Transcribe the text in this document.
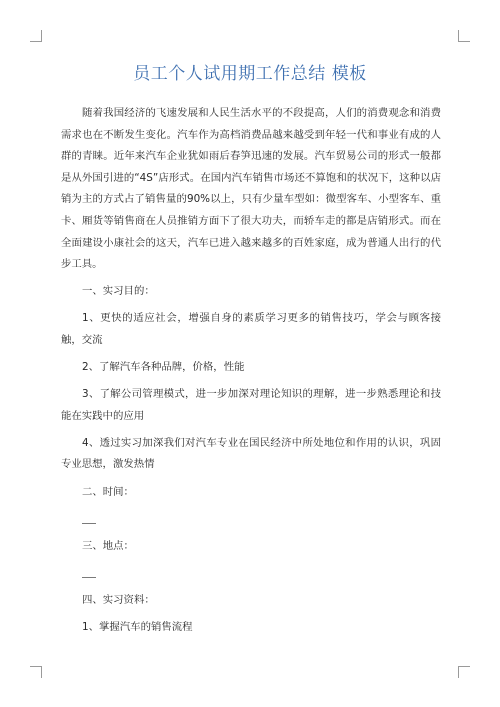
员工个人试用期工作总结 模板

随着我国经济的飞速发展和人民生活水平的不段提高，人们的消费观念和消费需求也在不断发生变化。汽车作为高档消费品越来越受到年轻一代和事业有成的人群的青睐。近年来汽车企业犹如雨后春笋迅速的发展。汽车贸易公司的形式一般都是从外国引进的“4S”店形式。在国内汽车销售市场还不算饱和的状况下，这种以店销为主的方式占了销售量的90%以上，只有少量车型如：微型客车、小型客车、重卡、厢货等销售商在人员推销方面下了很大功夫，而轿车走的都是店销形式。而在全面建设小康社会的这天，汽车已进入越来越多的百姓家庭，成为普通人出行的代步工具。

一、实习目的：

1、更快的适应社会，增强自身的素质学习更多的销售技巧，学会与顾客接触，交流

2、了解汽车各种品牌，价格，性能

3、了解公司管理模式，进一步加深对理论知识的理解，进一步熟悉理论和技能在实践中的应用

4、透过实习加深我们对汽车专业在国民经济中所处地位和作用的认识，巩固专业思想，激发热情

二、时间：

三、地点：

四、实习资料：

1、掌握汽车的销售流程
